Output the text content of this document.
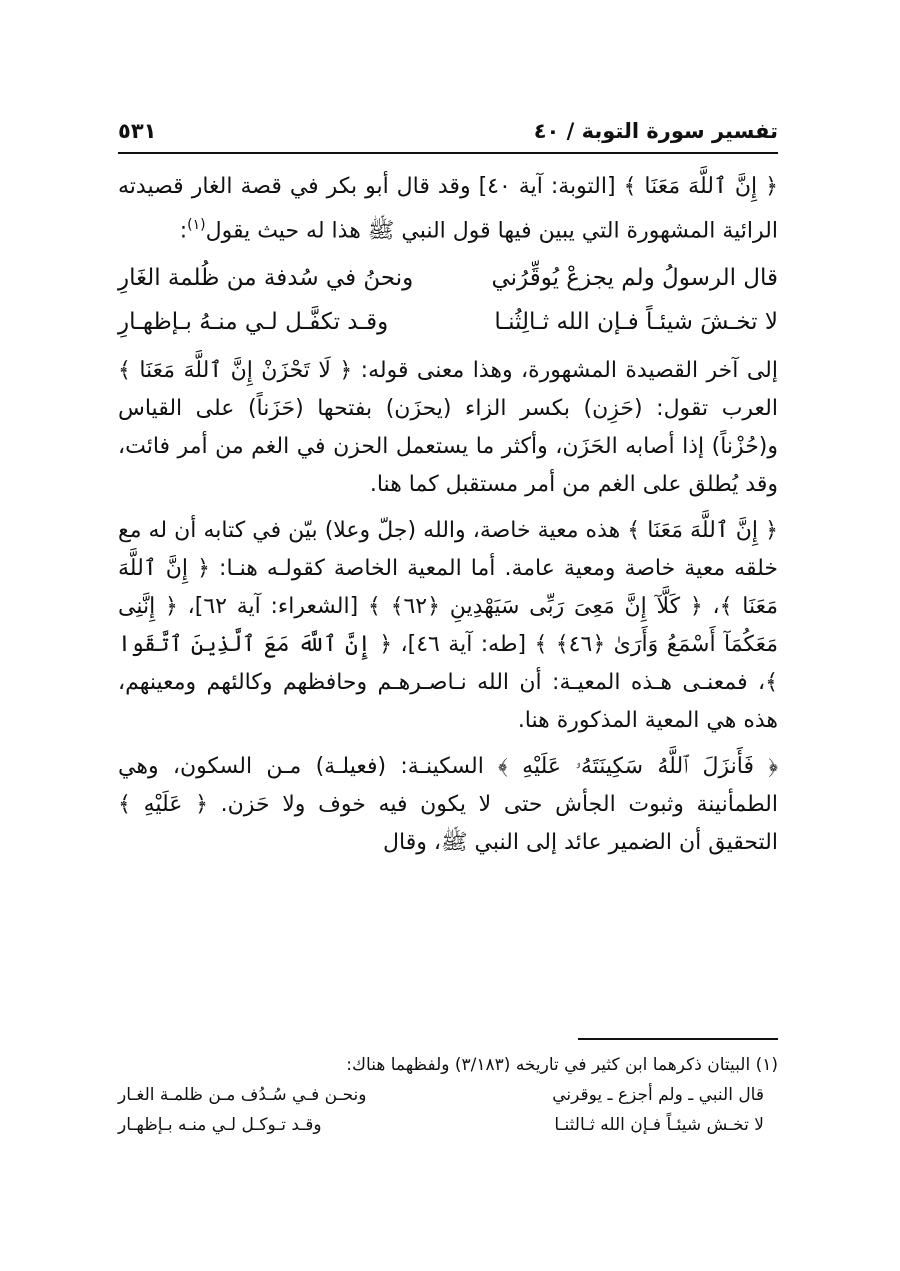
تفسير سورة التوبة / ٤٠
٥٣١

﴿ إِنَّ ٱللَّهَ مَعَنَا ﴾ [التوبة: آية ٤٠] وقد قال أبو بكر في قصة الغار قصيدته الرائية المشهورة التي يبين فيها قول النبي ﷺ هذا له حيث يقول$^{(١)}$:

قال الرسولُ ولم يجزعْ يُوقِّرُني
ونحنُ في سُدفة من ظُلمة الغَارِ
لا تخـشَ شيئـاً فـإن الله ثـالِثُنـا
وقـد تكفَّـل لـي منـهُ بـإظهـارِ

إلى آخر القصيدة المشهورة، وهذا معنى قوله: ﴿ لَا تَحْزَنْ إِنَّ ٱللَّهَ مَعَنَا ﴾ العرب تقول: (حَزِن) بكسر الزاء (يحزَن) بفتحها (حَزَناً) على القياس و(حُزْناً) إذا أصابه الحَزَن، وأكثر ما يستعمل الحزن في الغم من أمر فائت، وقد يُطلق على الغم من أمر مستقبل كما هنا.

﴿ إِنَّ ٱللَّهَ مَعَنَا ﴾ هذه معية خاصة، والله (جلّ وعلا) بيّن في كتابه أن له مع خلقه معية خاصة ومعية عامة. أما المعية الخاصة كقولـه هنـا: ﴿ إِنَّ ٱللَّهَ مَعَنَا ﴾، ﴿ كَلَّآ إِنَّ مَعِىَ رَبِّى سَيَهْدِينِ ﴿٦٢﴾ ﴾ [الشعراء: آية ٦٢]، ﴿ إِنَّنِى مَعَكُمَآ أَسْمَعُ وَأَرَىٰ ﴿٤٦﴾ ﴾ [طه: آية ٤٦]، ﴿ إِنَّ ٱللَّهَ مَعَ ٱلَّذِينَ ٱتَّقَوا ﴾، فمعنـى هـذه المعيـة: أن الله نـاصـرهـم وحافظهم وكالئهم ومعينهم، هذه هي المعية المذكورة هنا.

﴿ فَأَنزَلَ ٱللَّهُ سَكِينَتَهُۥ عَلَيْهِ ﴾ السكينـة: (فعيلـة) مـن السكون، وهي الطمأنينة وثبوت الجأش حتى لا يكون فيه خوف ولا حَزن. ﴿ عَلَيْهِ ﴾ التحقيق أن الضمير عائد إلى النبي ﷺ، وقال

(١) البيتان ذكرهما ابن كثير في تاريخه (٣/١٨٣) ولفظهما هناك:
قال النبي ـ ولم أجزع ـ يوقرني
ونحـن فـي سُـدُف مـن ظلمـة الغـار
لا تخـش شيئـاً فـإن الله ثـالثنـا
وقـد تـوكـل لـي منـه بـإظهـار
